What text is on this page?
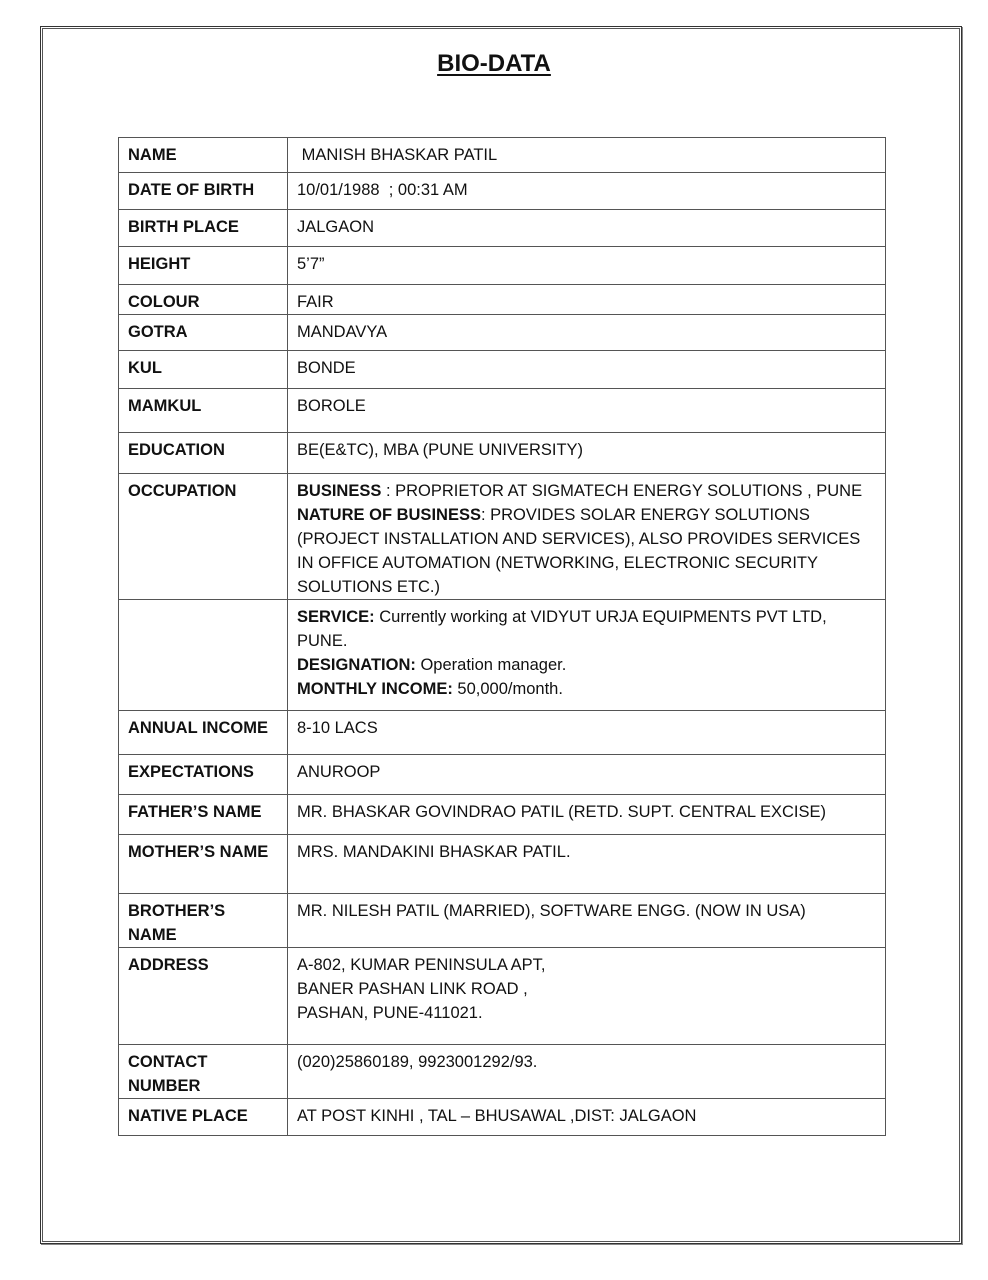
BIO-DATA
NAME	MANISH BHASKAR PATIL
DATE OF BIRTH	10/01/1988  ; 00:31 AM
BIRTH PLACE	JALGAON
HEIGHT	5’7”
COLOUR	FAIR
GOTRA	MANDAVYA
KUL	BONDE
MAMKUL	BOROLE
EDUCATION	BE(E&TC), MBA (PUNE UNIVERSITY)
OCCUPATION	BUSINESS : PROPRIETOR AT SIGMATECH ENERGY SOLUTIONS , PUNE
NATURE OF BUSINESS: PROVIDES SOLAR ENERGY SOLUTIONS (PROJECT INSTALLATION AND SERVICES), ALSO PROVIDES SERVICES IN OFFICE AUTOMATION (NETWORKING, ELECTRONIC SECURITY SOLUTIONS ETC.)
	SERVICE: Currently working at VIDYUT URJA EQUIPMENTS PVT LTD, PUNE.
DESIGNATION: Operation manager.
MONTHLY INCOME: 50,000/month.
ANNUAL INCOME	8-10 LACS
EXPECTATIONS	ANUROOP
FATHER’S NAME	MR. BHASKAR GOVINDRAO PATIL (RETD. SUPT. CENTRAL EXCISE)
MOTHER’S NAME	MRS. MANDAKINI BHASKAR PATIL.
BROTHER’S NAME	MR. NILESH PATIL (MARRIED), SOFTWARE ENGG. (NOW IN USA)
ADDRESS	A-802, KUMAR PENINSULA APT,
BANER PASHAN LINK ROAD ,
PASHAN, PUNE-411021.
CONTACT NUMBER	(020)25860189, 9923001292/93.
NATIVE PLACE	AT POST KINHI , TAL – BHUSAWAL ,DIST: JALGAON
